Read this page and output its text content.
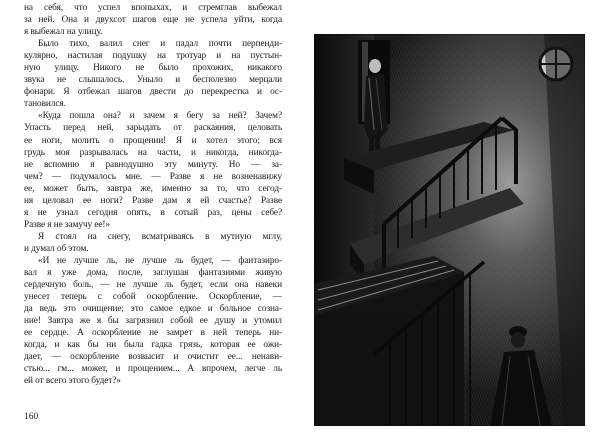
на себя, что успел впопыхах, и стремглав выбежал
за ней. Она и двухсот шагов еще не успела уйти, когда
я выбежал на улицу.
Было тихо, валил снег и падал почти перпенди-
кулярно, настилая подушку на тротуар и на пустын-
ную улицу. Никого не было прохожих, никакого
звука не слышалось. Уныло и бесполезно мерцали
фонари. Я отбежал шагов двести до перекрестка и ос-
тановился.
«Куда пошла она? и зачем я бегу за ней? Зачем?
Упасть перед ней, зарыдать от раскаяния, целовать
ее ноги, молить о прощении! Я и хотел этого; вся
грудь моя разрывалась на части, и никогда, никогда-
не вспомню я равнодушно эту минуту. Но — за-
чем? — подумалось мне. — Разве я не возненавижу
ее, может быть, завтра же, именно за то, что сегод-
ня целовал ее ноги? Разве дам я ей счастье? Разве
я не узнал сегодня опять, в сотый раз, цены себе?
Разве я не замучу ее!»
Я стоял на снегу, всматриваясь в мутную мглу,
и думал об этом.
«И не лучше ль, не лучше ль будет, — фантазиро-
вал я уже дома, после, заглушая фантазиями живую
сердечную боль, — не лучше ль будет, если она навеки
унесет теперь с собой оскорбление. Оскорбление, —
да ведь это очищение; это самое едкое и больное созна-
ние! Завтра же я бы загрязнил собой ее душу и утомил
ее сердце. А оскорбление не замрет в ней теперь ни-
когда, и как бы ни была гадка грязь, которая ее ожи-
дает, — оскорбление возвысит и очистит ее... ненави-
стью... гм... может, и прощением... А впрочем, легче ль
ей от всего этого будет?»
160
